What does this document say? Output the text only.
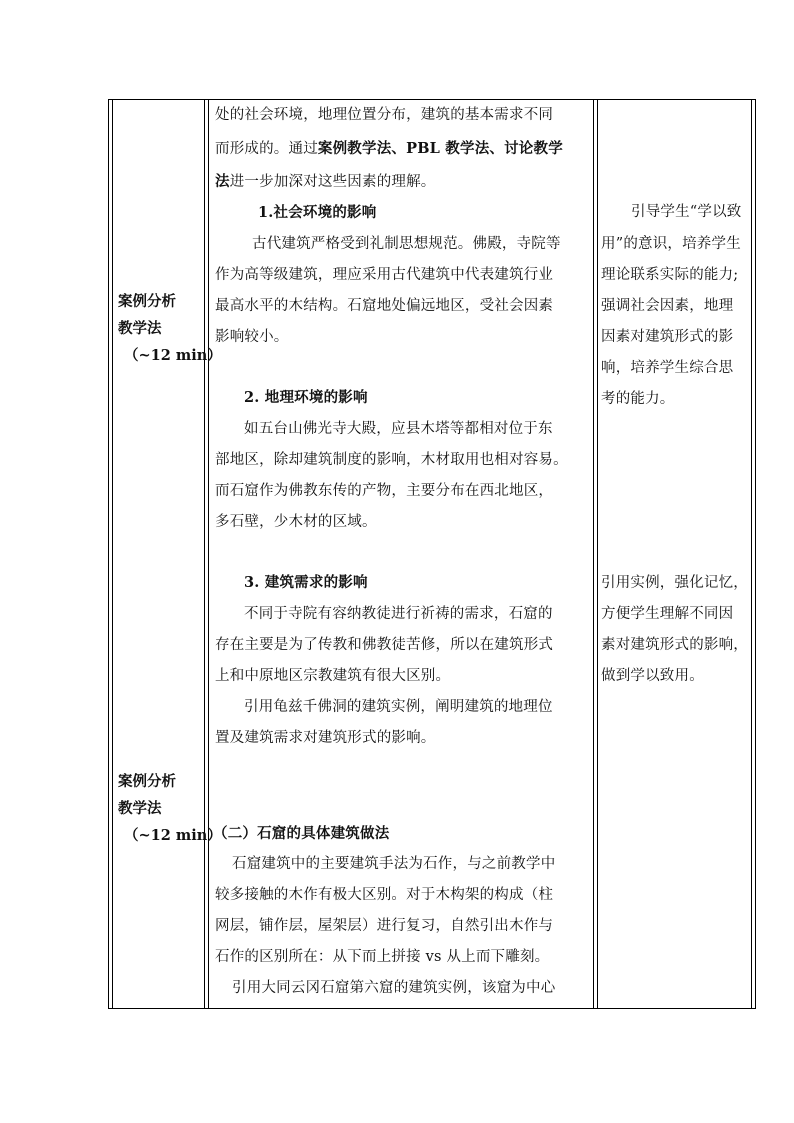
案例分析
教学法
（~12 min）
案例分析
教学法
（~12 min）
处的社会环境，地理位置分布，建筑的基本需求不同
而形成的。通过案例教学法、PBL 教学法、讨论教学
法进一步加深对这些因素的理解。
1.社会环境的影响
古代建筑严格受到礼制思想规范。佛殿，寺院等
作为高等级建筑，理应采用古代建筑中代表建筑行业
最高水平的木结构。石窟地处偏远地区，受社会因素
影响较小。
2. 地理环境的影响
如五台山佛光寺大殿，应县木塔等都相对位于东
部地区，除却建筑制度的影响，木材取用也相对容易。
而石窟作为佛教东传的产物，主要分布在西北地区，
多石壁，少木材的区域。
3. 建筑需求的影响
不同于寺院有容纳教徒进行祈祷的需求，石窟的
存在主要是为了传教和佛教徒苦修，所以在建筑形式
上和中原地区宗教建筑有很大区别。
引用龟兹千佛洞的建筑实例，阐明建筑的地理位
置及建筑需求对建筑形式的影响。
（二）石窟的具体建筑做法
石窟建筑中的主要建筑手法为石作，与之前教学中
较多接触的木作有极大区别。对于木构架的构成（柱
网层，铺作层，屋架层）进行复习，自然引出木作与
石作的区别所在：从下而上拼接 vs 从上而下雕刻。
引用大同云冈石窟第六窟的建筑实例，该窟为中心
引导学生“学以致
用”的意识，培养学生
理论联系实际的能力;
强调社会因素，地理
因素对建筑形式的影
响，培养学生综合思
考的能力。
引用实例，强化记忆，
方便学生理解不同因
素对建筑形式的影响，
做到学以致用。
